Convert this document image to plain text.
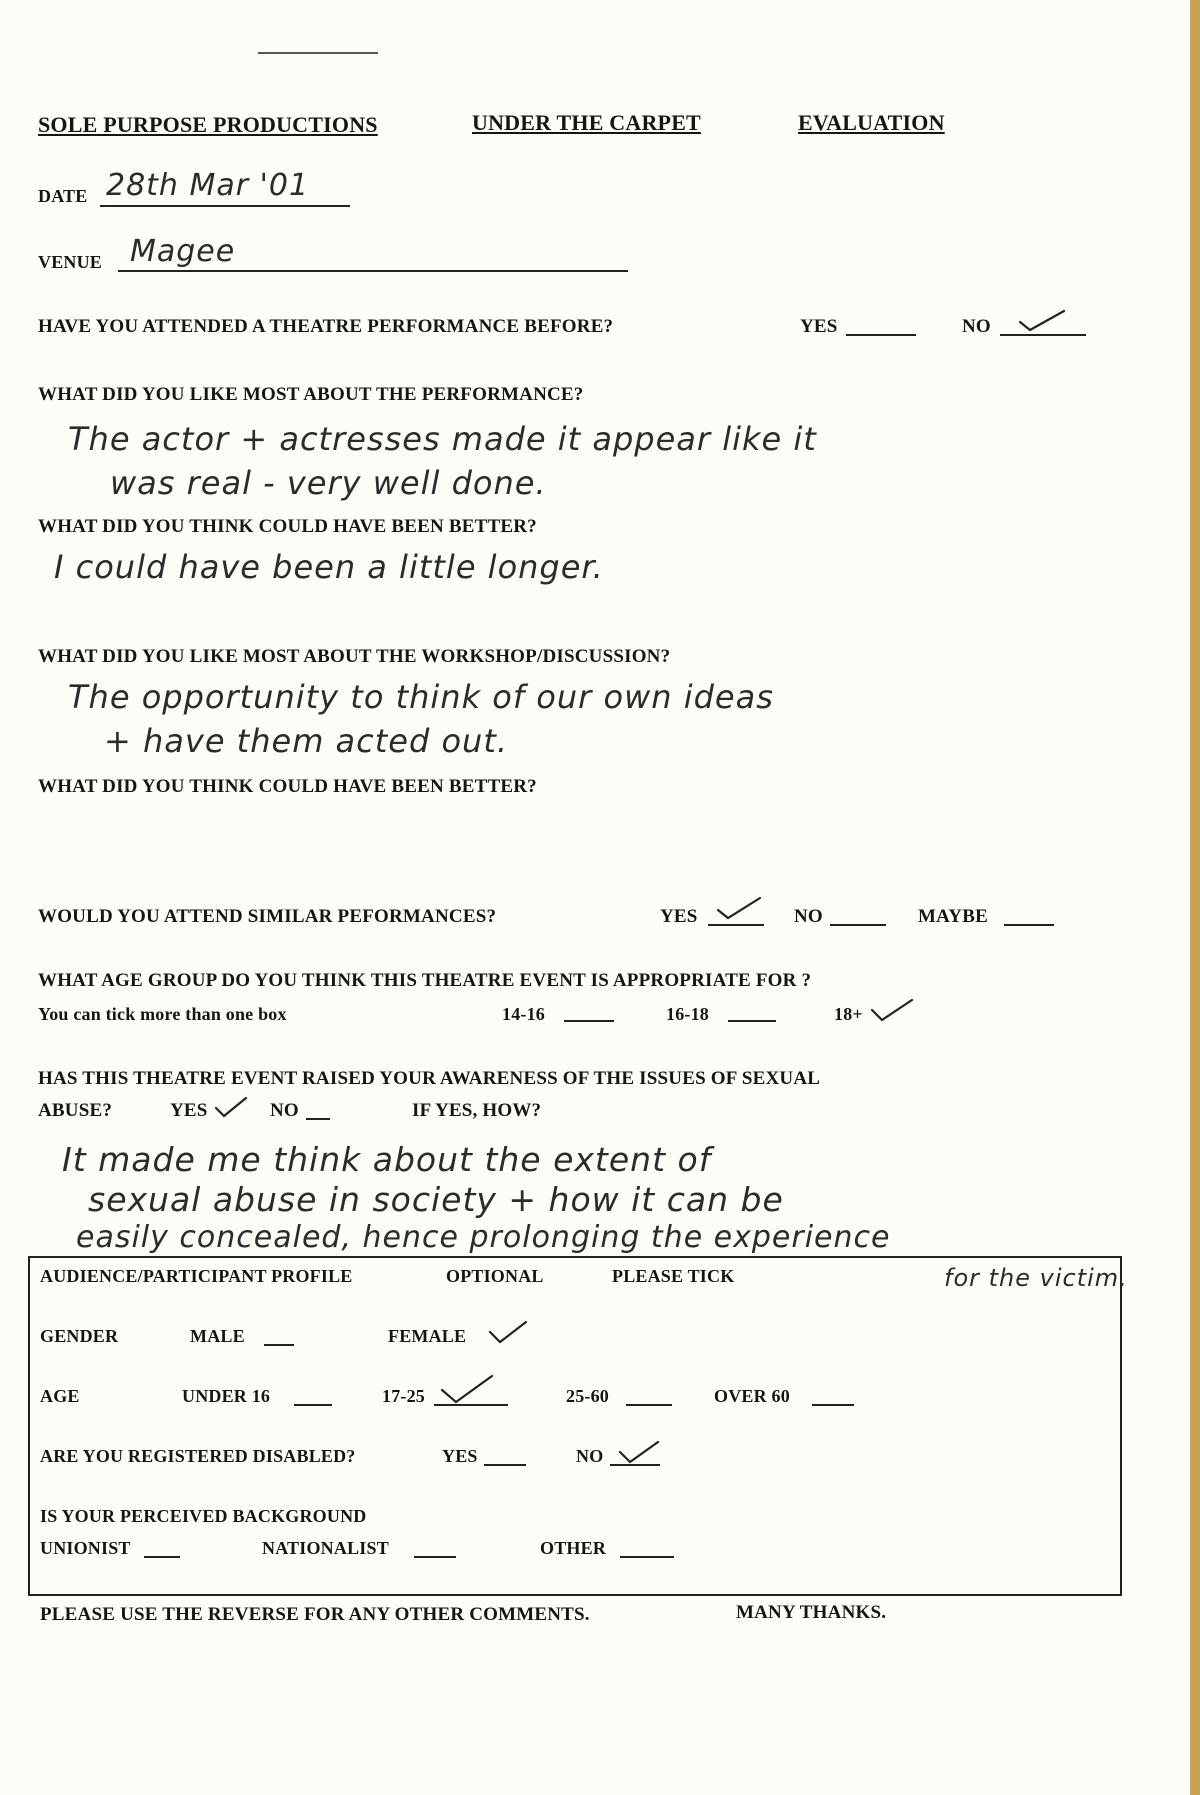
SOLE PURPOSE PRODUCTIONS	UNDER THE CARPET	EVALUATION
DATE 28th Mar '01
VENUE Magee
HAVE YOU ATTENDED A THEATRE PERFORMANCE BEFORE?	YES	NO
WHAT DID YOU LIKE MOST ABOUT THE PERFORMANCE?
The actor + actresses made it appear like it
was real - very well done.
WHAT DID YOU THINK COULD HAVE BEEN BETTER?
I could have been a little longer.
WHAT DID YOU LIKE MOST ABOUT THE WORKSHOP/DISCUSSION?
The opportunity to think of our own ideas
+ have them acted out.
WHAT DID YOU THINK COULD HAVE BEEN BETTER?
WOULD YOU ATTEND SIMILAR PEFORMANCES?	YES	NO	MAYBE
WHAT AGE GROUP DO YOU THINK THIS THEATRE EVENT IS APPROPRIATE FOR ?
You can tick more than one box	14-16	16-18	18+
HAS THIS THEATRE EVENT RAISED YOUR AWARENESS OF THE ISSUES OF SEXUAL
ABUSE?	YES	NO	IF YES, HOW?
It made me think about the extent of
sexual abuse in society + how it can be
easily concealed, hence prolonging the experience
for the victim.
AUDIENCE/PARTICIPANT PROFILE	OPTIONAL	PLEASE TICK
GENDER	MALE	FEMALE
AGE	UNDER 16	17-25	25-60	OVER 60
ARE YOU REGISTERED DISABLED?	YES	NO
IS YOUR PERCEIVED BACKGROUND
UNIONIST	NATIONALIST	OTHER
PLEASE USE THE REVERSE FOR ANY OTHER COMMENTS.	MANY THANKS.
